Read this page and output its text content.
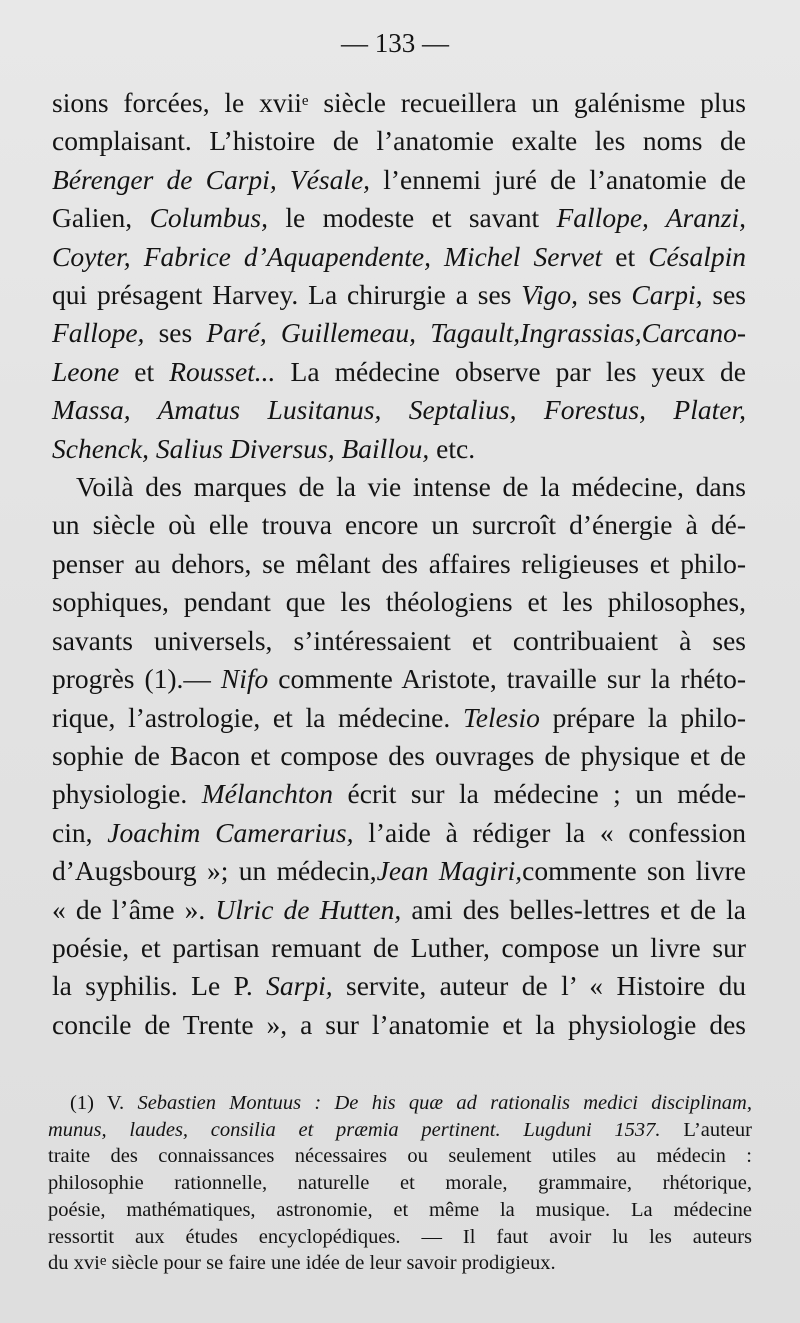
— 133 —
sions forcées, le xvii$^e$ siècle recueillera un galénisme plus
complaisant. L’histoire de l’anatomie exalte les noms de
Bérenger de Carpi, Vésale, l’ennemi juré de l’anatomie de
Galien, Columbus, le modeste et savant Fallope, Aranzi,
Coyter, Fabrice d’Aquapendente, Michel Servet et Césalpin
qui présagent Harvey. La chirurgie a ses Vigo, ses Carpi, ses
Fallope, ses Paré, Guillemeau, Tagault,Ingrassias,Carcano-
Leone et Rousset... La médecine observe par les yeux de
Massa, Amatus Lusitanus, Septalius, Forestus, Plater,
Schenck, Salius Diversus, Baillou, etc.
Voilà des marques de la vie intense de la médecine, dans
un siècle où elle trouva encore un surcroît d’énergie à dé-
penser au dehors, se mêlant des affaires religieuses et philo-
sophiques, pendant que les théologiens et les philosophes,
savants universels, s’intéressaient et contribuaient à ses
progrès (1).— Nifo commente Aristote, travaille sur la rhéto-
rique, l’astrologie, et la médecine. Telesio prépare la philo-
sophie de Bacon et compose des ouvrages de physique et de
physiologie. Mélanchton écrit sur la médecine ; un méde-
cin, Joachim Camerarius, l’aide à rédiger la « confession
d’Augsbourg »; un médecin,Jean Magiri,commente son livre
« de l’âme ». Ulric de Hutten, ami des belles-lettres et de la
poésie, et partisan remuant de Luther, compose un livre sur
la syphilis. Le P. Sarpi, servite, auteur de l’ « Histoire du
concile de Trente », a sur l’anatomie et la physiologie des
(1) V. Sebastien Montuus : De his quæ ad rationalis medici disciplinam,
munus, laudes, consilia et præmia pertinent. Lugduni 1537. L’auteur
traite des connaissances nécessaires ou seulement utiles au médecin :
philosophie rationnelle, naturelle et morale, grammaire, rhétorique,
poésie, mathématiques, astronomie, et même la musique. La médecine
ressortit aux études encyclopédiques. — Il faut avoir lu les auteurs
du xvi$^e$ siècle pour se faire une idée de leur savoir prodigieux.
